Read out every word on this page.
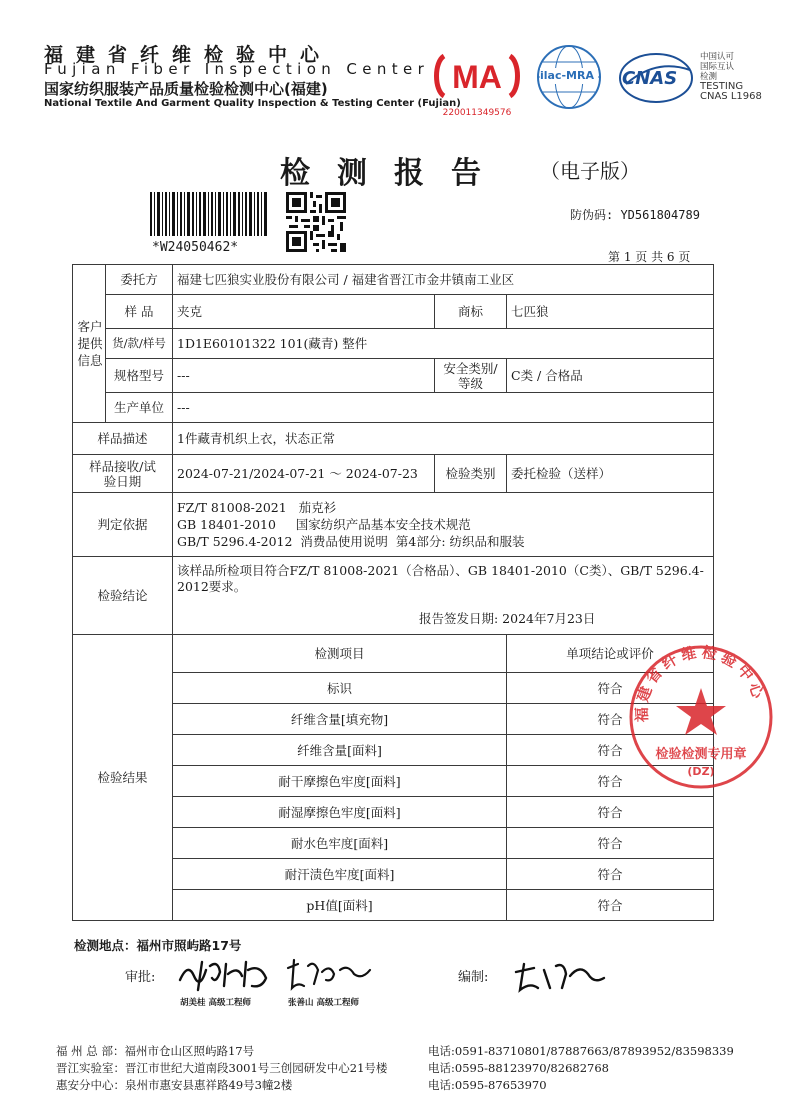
福建省纤维检验中心
Fujian Fiber Inspection Center
国家纺织服装产品质量检验检测中心(福建)
National Textile And Garment Quality Inspection & Testing Center (Fujian)
MA
220011349576
ilac-MRA CNAS
中国认可
国际互认
检测
TESTING
CNAS L1968
检测报告 （电子版）
*W24050462*
防伪码: YD561804789
第 1 页 共 6 页
客户提供信息	委托方	福建七匹狼实业股份有限公司 / 福建省晋江市金井镇南工业区		
	样 品	夹克	商标	七匹狼
	货/款/样号	1D1E60101322 101(藏青) 整件		
	规格型号	---	安全类别/等级	C类 / 合格品
	生产单位	---		
样品描述		1件藏青机织上衣，状态正常		
样品接收/试验日期		2024-07-21/2024-07-21 ～ 2024-07-23	检验类别	委托检验（送样）
判定依据		FZ/T 81008-2021   茄克衫
GB 18401-2010     国家纺织产品基本安全技术规范
GB/T 5296.4-2012  消费品使用说明  第4部分: 纺织品和服装		

检验结论		该样品所检项目符合FZ/T 81008-2021（合格品）、GB 18401-2010（C类）、GB/T 5296.4-2012要求。
报告签发日期: 2024年7月23日		

检验结果		检测项目		单项结论或评价
		标识		符合
		纤维含量[填充物]		符合
		纤维含量[面料]		符合
		耐干摩擦色牢度[面料]		符合
		耐湿摩擦色牢度[面料]		符合
		耐水色牢度[面料]		符合
		耐汗渍色牢度[面料]		符合
		pH值[面料]		符合
福建省纤维检验中心
检验检测专用章
(DZ)
检测地点：福州市照屿路17号
审批:
胡美桂 高级工程师	张善山 高级工程师
编制:
福 州 总 部：福州市仓山区照屿路17号
晋江实验室：晋江市世纪大道南段3001号三创园研发中心21号楼
惠安分中心：泉州市惠安县惠祥路49号3幢2楼
电话:0591-83710801/87887663/87893952/83598339
电话:0595-88123970/82682768
电话:0595-87653970
